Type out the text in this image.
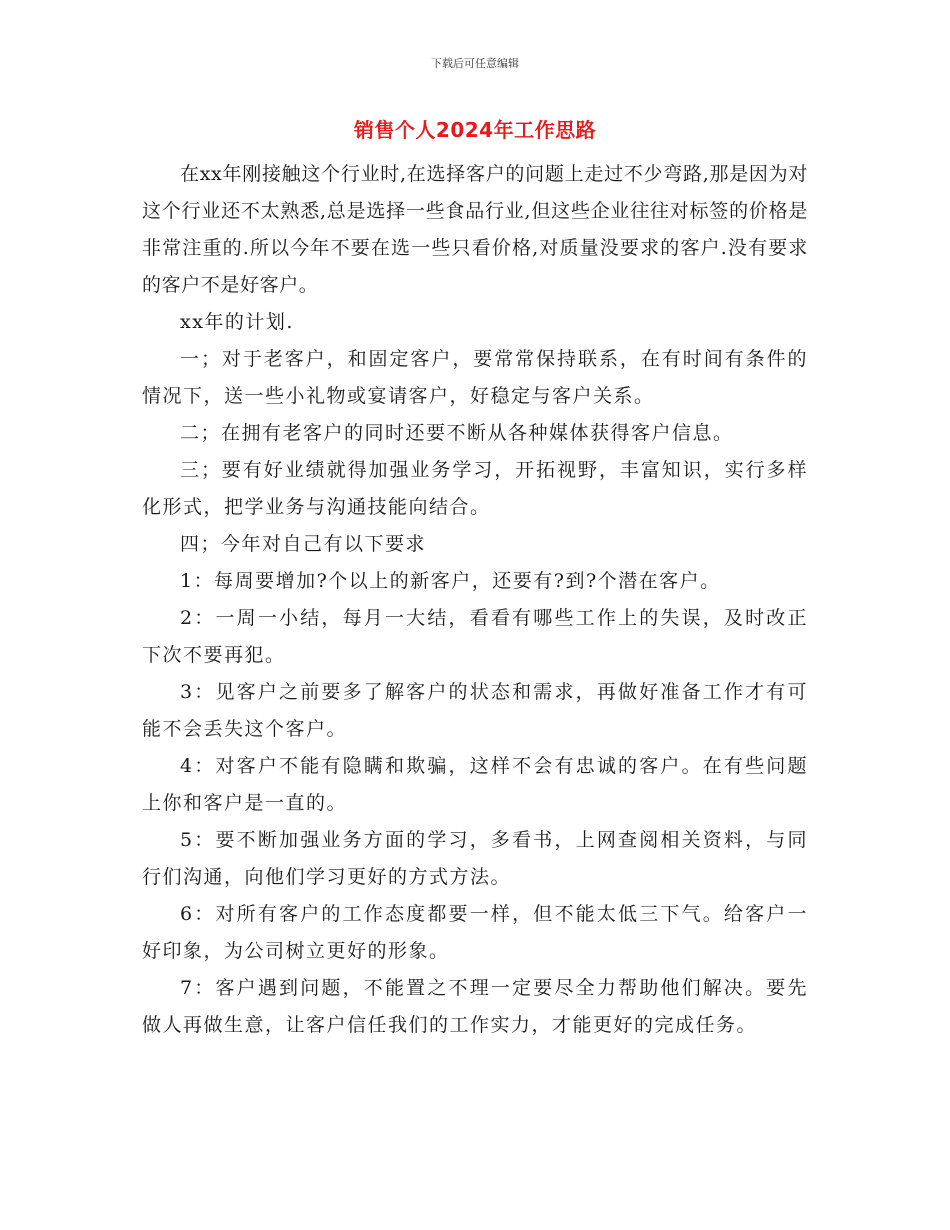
下载后可任意编辑
销售个人2024年工作思路

在xx年刚接触这个行业时,在选择客户的问题上走过不少弯路,那是因为对这个行业还不太熟悉,总是选择一些食品行业,但这些企业往往对标签的价格是非常注重的.所以今年不要在选一些只看价格,对质量没要求的客户.没有要求的客户不是好客户。

xx年的计划.

一；对于老客户，和固定客户，要常常保持联系，在有时间有条件的情况下，送一些小礼物或宴请客户，好稳定与客户关系。

二；在拥有老客户的同时还要不断从各种媒体获得客户信息。

三；要有好业绩就得加强业务学习，开拓视野，丰富知识，实行多样化形式，把学业务与沟通技能向结合。

四；今年对自己有以下要求

1：每周要增加?个以上的新客户，还要有?到?个潜在客户。

2：一周一小结，每月一大结，看看有哪些工作上的失误，及时改正下次不要再犯。

3：见客户之前要多了解客户的状态和需求，再做好准备工作才有可能不会丢失这个客户。

4：对客户不能有隐瞒和欺骗，这样不会有忠诚的客户。在有些问题上你和客户是一直的。

5：要不断加强业务方面的学习，多看书，上网查阅相关资料，与同行们沟通，向他们学习更好的方式方法。

6：对所有客户的工作态度都要一样，但不能太低三下气。给客户一好印象，为公司树立更好的形象。

7：客户遇到问题，不能置之不理一定要尽全力帮助他们解决。要先做人再做生意，让客户信任我们的工作实力，才能更好的完成任务。
